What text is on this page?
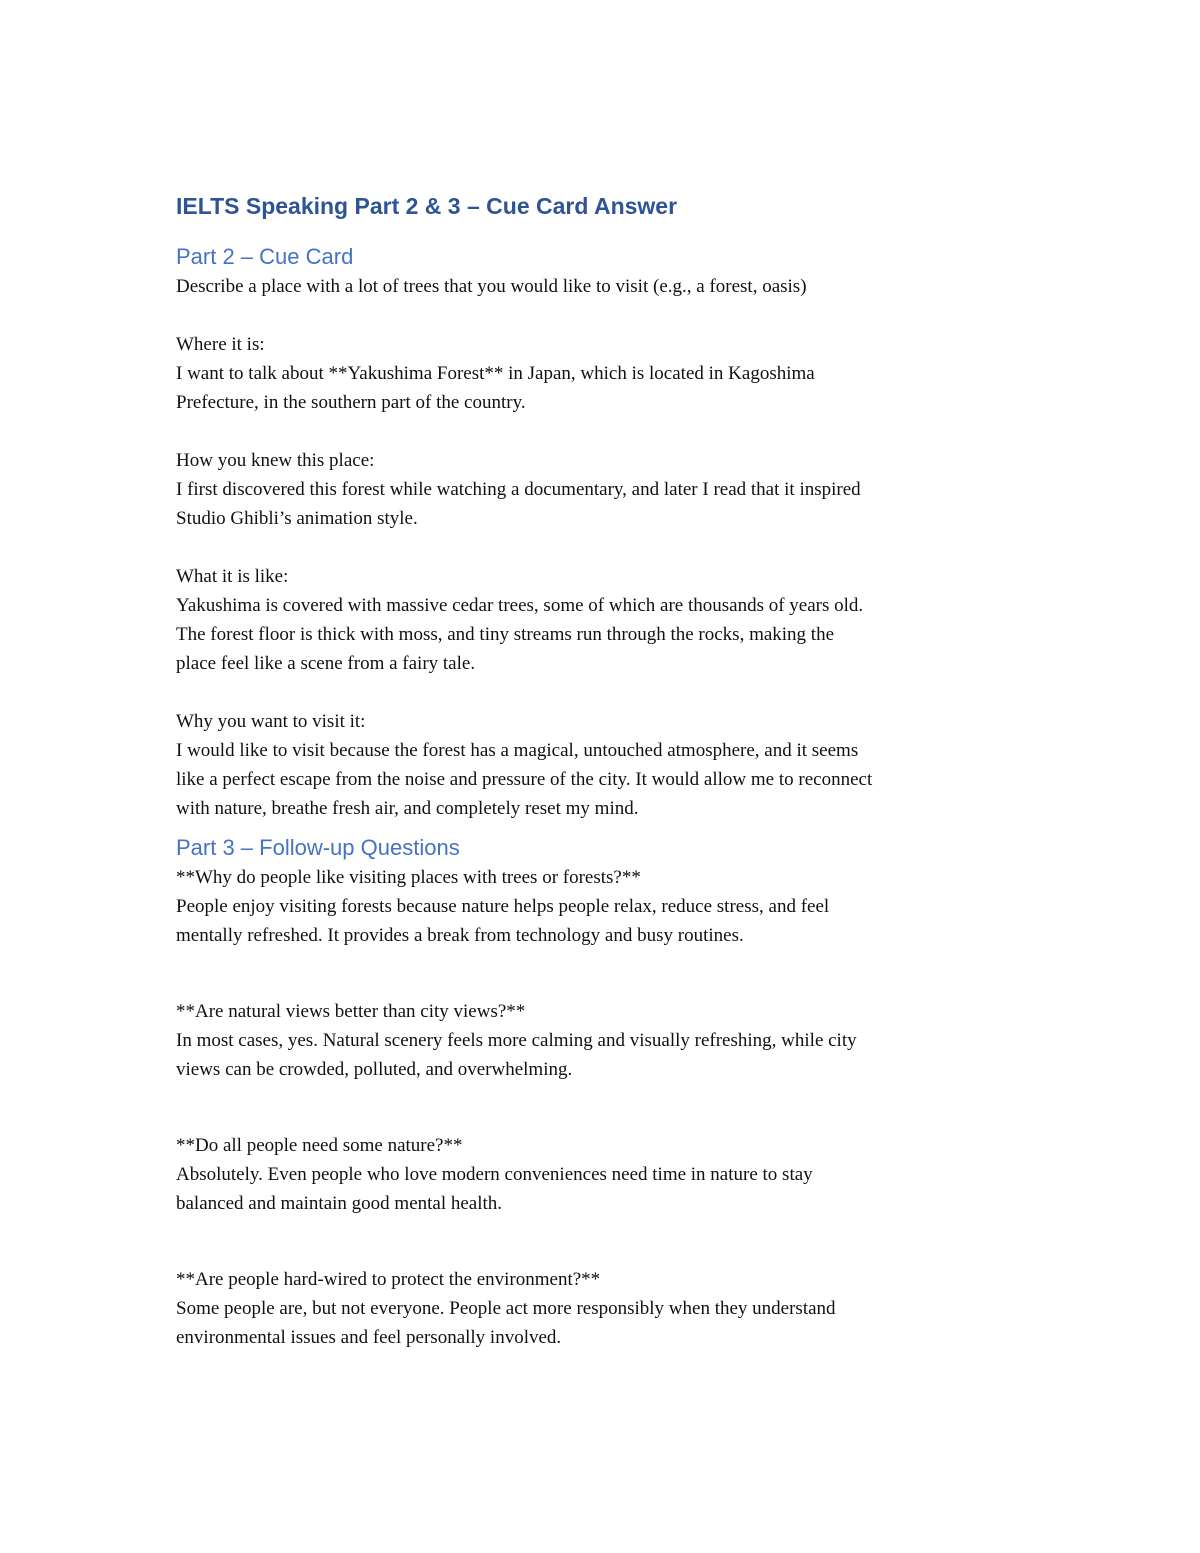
IELTS Speaking Part 2 & 3 – Cue Card Answer
Part 2 – Cue Card
Describe a place with a lot of trees that you would like to visit (e.g., a forest, oasis)
Where it is:
I want to talk about **Yakushima Forest** in Japan, which is located in Kagoshima
Prefecture, in the southern part of the country.
How you knew this place:
I first discovered this forest while watching a documentary, and later I read that it inspired
Studio Ghibli’s animation style.
What it is like:
Yakushima is covered with massive cedar trees, some of which are thousands of years old.
The forest floor is thick with moss, and tiny streams run through the rocks, making the
place feel like a scene from a fairy tale.
Why you want to visit it:
I would like to visit because the forest has a magical, untouched atmosphere, and it seems
like a perfect escape from the noise and pressure of the city. It would allow me to reconnect
with nature, breathe fresh air, and completely reset my mind.
Part 3 – Follow-up Questions
**Why do people like visiting places with trees or forests?**
People enjoy visiting forests because nature helps people relax, reduce stress, and feel
mentally refreshed. It provides a break from technology and busy routines.
**Are natural views better than city views?**
In most cases, yes. Natural scenery feels more calming and visually refreshing, while city
views can be crowded, polluted, and overwhelming.
**Do all people need some nature?**
Absolutely. Even people who love modern conveniences need time in nature to stay
balanced and maintain good mental health.
**Are people hard-wired to protect the environment?**
Some people are, but not everyone. People act more responsibly when they understand
environmental issues and feel personally involved.
